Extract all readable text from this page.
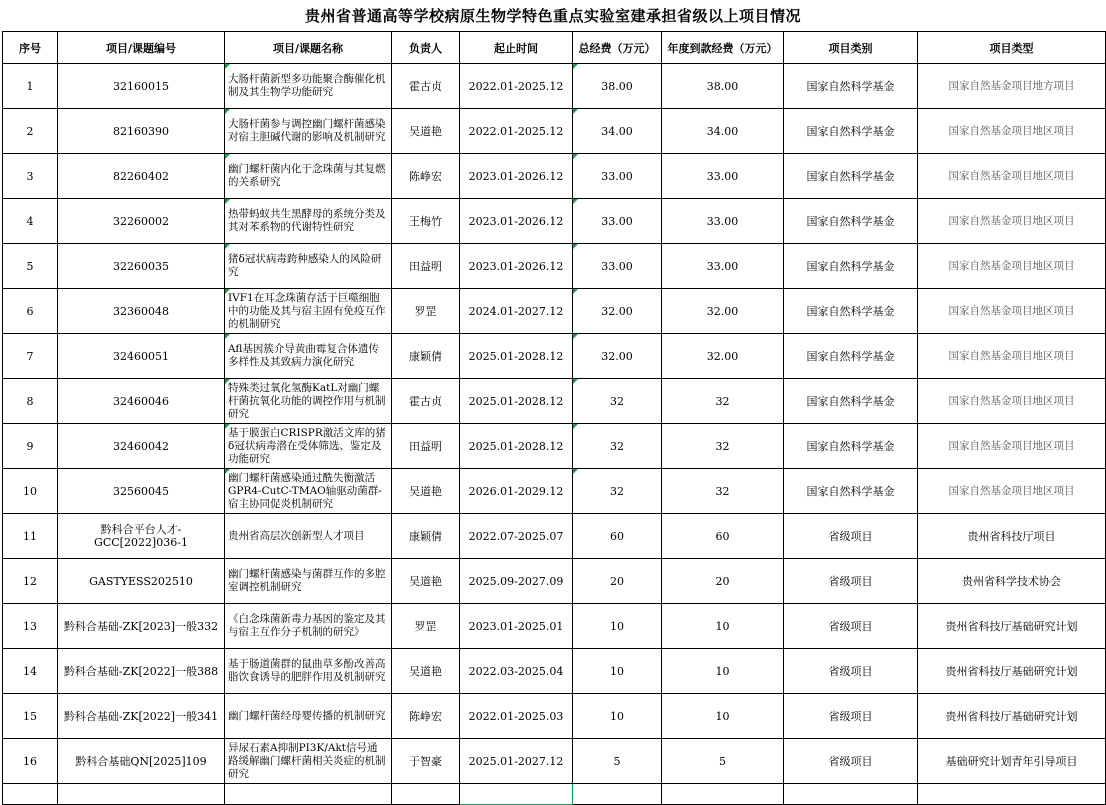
贵州省普通高等学校病原生物学特色重点实验室建承担省级以上项目情况
序号	项目/课题编号	项目/课题名称	负责人	起止时间	总经费（万元）	年度到款经费（万元）	项目类别	项目类型
1	32160015	大肠杆菌新型多功能聚合酶催化机制及其生物学功能研究	霍古贞	2022.01-2025.12	38.00	38.00	国家自然科学基金	国家自然基金项目地方项目
2	82160390	大肠杆菌参与调控幽门螺杆菌感染对宿主胆碱代谢的影响及机制研究	吴道艳	2022.01-2025.12	34.00	34.00	国家自然科学基金	国家自然基金项目地区项目
3	82260402	幽门螺杆菌内化于念珠菌与其复燃的关系研究	陈峥宏	2023.01-2026.12	33.00	33.00	国家自然科学基金	国家自然基金项目地区项目
4	32260002	热带蚂蚁共生黑酵母的系统分类及其对苯系物的代谢特性研究	王梅竹	2023.01-2026.12	33.00	33.00	国家自然科学基金	国家自然基金项目地区项目
5	32260035	猪δ冠状病毒跨种感染人的风险研究	田益明	2023.01-2026.12	33.00	33.00	国家自然科学基金	国家自然基金项目地区项目
6	32360048	IVF1在耳念珠菌存活于巨噬细胞中的功能及其与宿主固有免疫互作的机制研究	罗罡	2024.01-2027.12	32.00	32.00	国家自然科学基金	国家自然基金项目地区项目
7	32460051	Afl基因簇介导黄曲霉复合体遗传多样性及其致病力演化研究	康颖倩	2025.01-2028.12	32.00	32.00	国家自然科学基金	国家自然基金项目地区项目
8	32460046	特殊类过氧化氢酶KatL对幽门螺杆菌抗氧化功能的调控作用与机制研究	霍古贞	2025.01-2028.12	32	32	国家自然科学基金	国家自然基金项目地区项目
9	32460042	基于膜蛋白CRISPR激活文库的猪δ冠状病毒潜在受体筛选、鉴定及功能研究	田益明	2025.01-2028.12	32	32	国家自然科学基金	国家自然基金项目地区项目
10	32560045	幽门螺杆菌感染通过酰失衡激活GPR4-CutC-TMAO轴驱动菌群-宿主协同促炎机制研究	吴道艳	2026.01-2029.12	32	32	国家自然科学基金	国家自然基金项目地区项目
11	黔科合平台人才-GCC[2022]036-1	贵州省高层次创新型人才项目	康颖倩	2022.07-2025.07	60	60	省级项目	贵州省科技厅项目
12	GASTYESS202510	幽门螺杆菌感染与菌群互作的多腔室调控机制研究	吴道艳	2025.09-2027.09	20	20	省级项目	贵州省科学技术协会
13	黔科合基础-ZK[2023]一般332	《白念珠菌新毒力基因的鉴定及其与宿主互作分子机制的研究》	罗罡	2023.01-2025.01	10	10	省级项目	贵州省科技厅基础研究计划
14	黔科合基础-ZK[2022]一般388	基于肠道菌群的鼠曲草多酚改善高脂饮食诱导的肥胖作用及机制研究	吴道艳	2022.03-2025.04	10	10	省级项目	贵州省科技厅基础研究计划
15	黔科合基础-ZK[2022]一般341	幽门螺杆菌经母婴传播的机制研究	陈峥宏	2022.01-2025.03	10	10	省级项目	贵州省科技厅基础研究计划
16	黔科合基础QN[2025]109	异尿石素A抑制PI3K/Akt信号通路缓解幽门螺杆菌相关炎症的机制研究	于智豪	2025.01-2027.12	5	5	省级项目	基础研究计划青年引导项目
